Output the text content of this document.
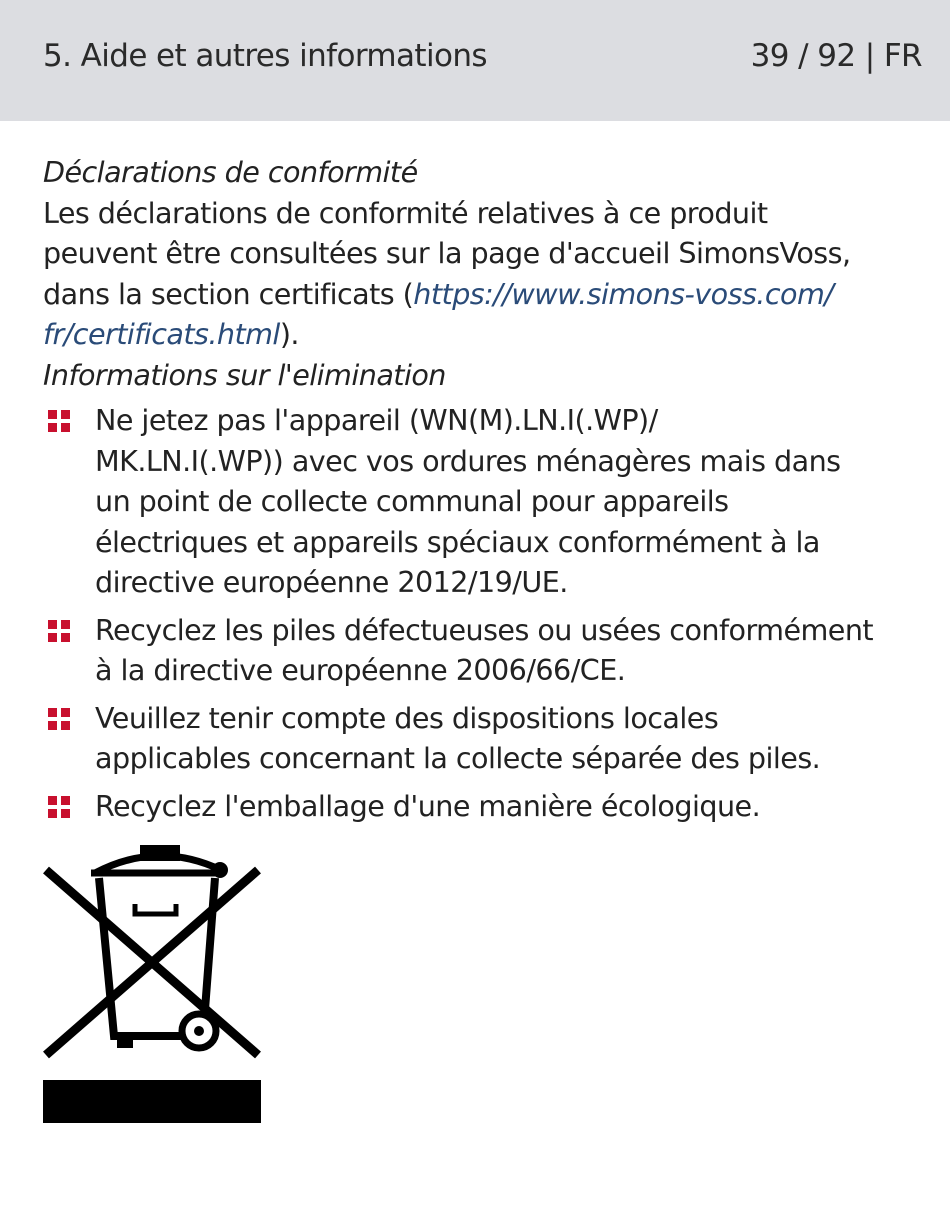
5. Aide et autres informations	39 / 92 | FR

Déclarations de conformité

Les déclarations de conformité relatives à ce produit
peuvent être consultées sur la page d'accueil SimonsVoss,
dans la section certificats (https://www.simons-voss.com/
fr/certificats.html).

Informations sur l'elimination

Ne jetez pas l'appareil (WN(M).LN.I(.WP)/
MK.LN.I(.WP)) avec vos ordures ménagères mais dans
un point de collecte communal pour appareils
électriques et appareils spéciaux conformément à la
directive européenne 2012/19/UE.
Recyclez les piles défectueuses ou usées conformément
à la directive européenne 2006/66/CE.
Veuillez tenir compte des dispositions locales
applicables concernant la collecte séparée des piles.
Recyclez l'emballage d'une manière écologique.
